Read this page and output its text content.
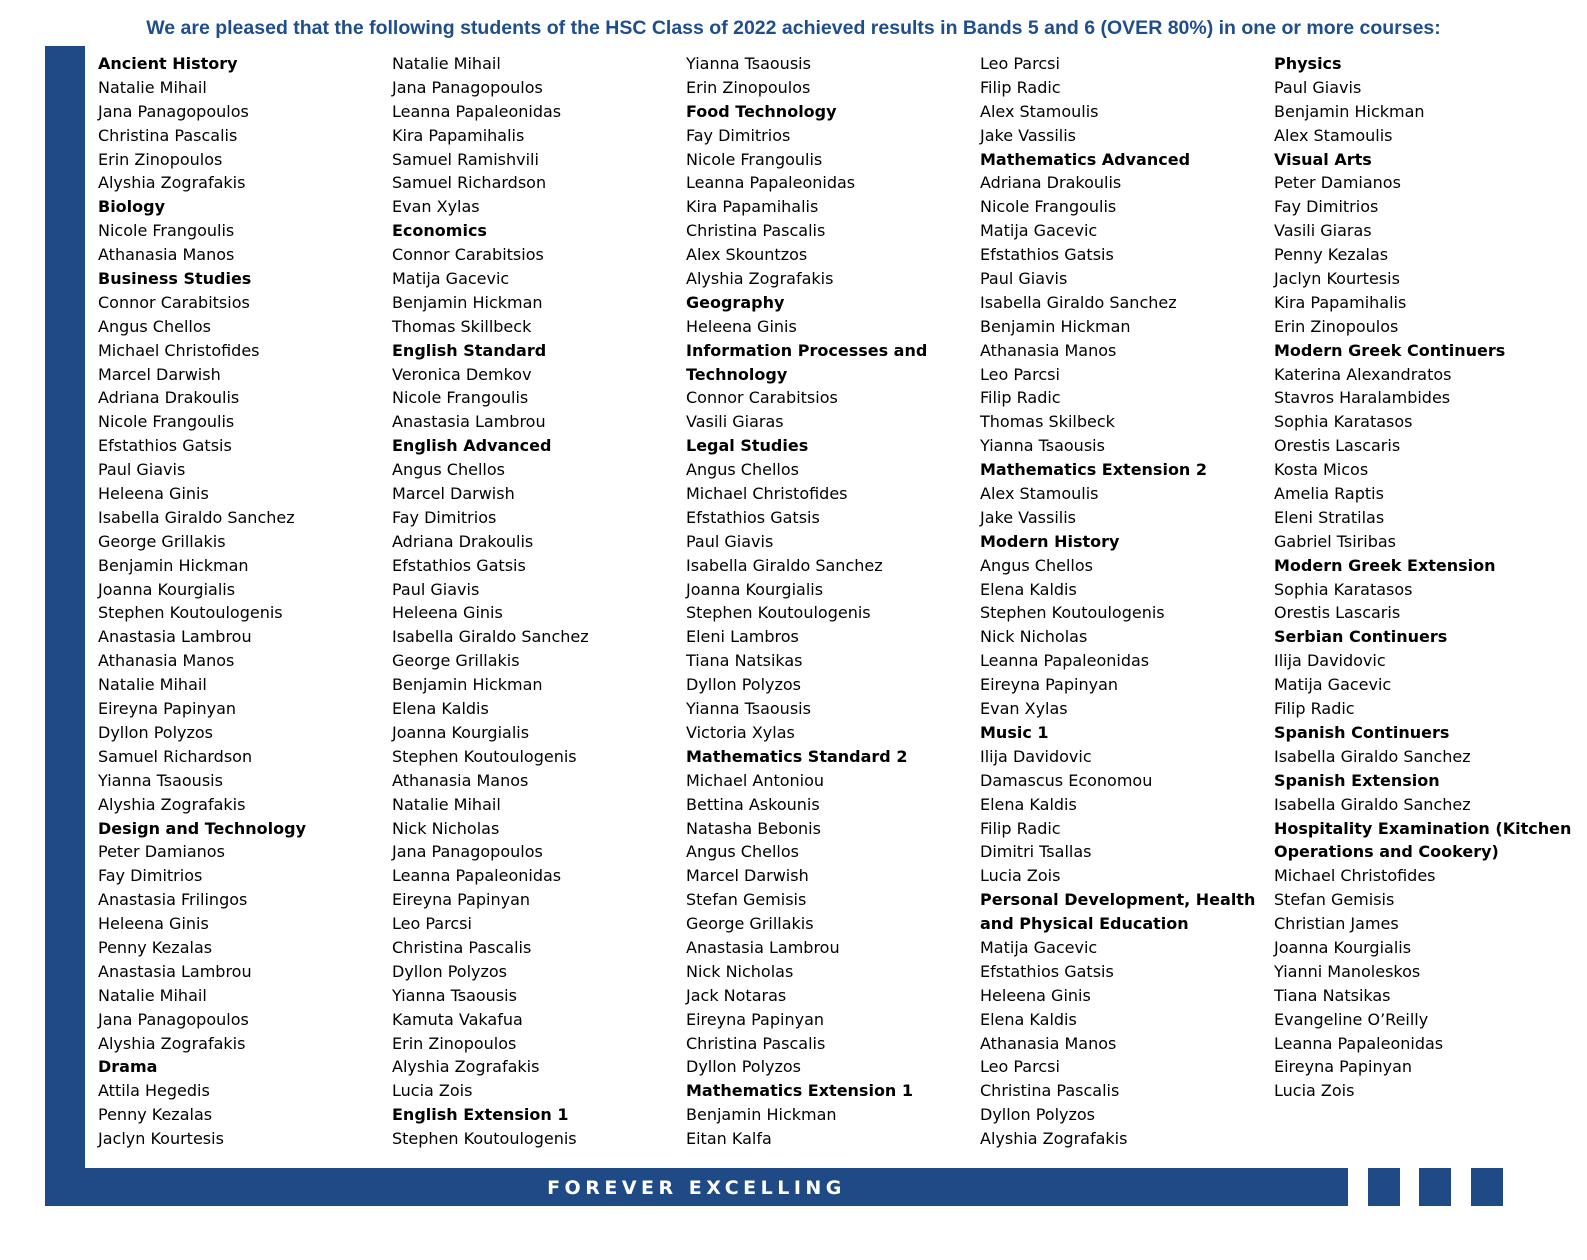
We are pleased that the following students of the HSC Class of 2022 achieved results in Bands 5 and 6 (OVER 80%) in one or more courses:
Ancient History
Natalie Mihail
Jana Panagopoulos
Christina Pascalis
Erin Zinopoulos
Alyshia Zografakis
Biology
Nicole Frangoulis
Athanasia Manos
Business Studies
Connor Carabitsios
Angus Chellos
Michael Christofides
Marcel Darwish
Adriana Drakoulis
Nicole Frangoulis
Efstathios Gatsis
Paul Giavis
Heleena Ginis
Isabella Giraldo Sanchez
George Grillakis
Benjamin Hickman
Joanna Kourgialis
Stephen Koutoulogenis
Anastasia Lambrou
Athanasia Manos
Natalie Mihail
Eireyna Papinyan
Dyllon Polyzos
Samuel Richardson
Yianna Tsaousis
Alyshia Zografakis
Design and Technology
Peter Damianos
Fay Dimitrios
Anastasia Frilingos
Heleena Ginis
Penny Kezalas
Anastasia Lambrou
Natalie Mihail
Jana Panagopoulos
Alyshia Zografakis
Drama
Attila Hegedis
Penny Kezalas
Jaclyn Kourtesis
Natalie Mihail
Jana Panagopoulos
Leanna Papaleonidas
Kira Papamihalis
Samuel Ramishvili
Samuel Richardson
Evan Xylas
Economics
Connor Carabitsios
Matija Gacevic
Benjamin Hickman
Thomas Skillbeck
English Standard
Veronica Demkov
Nicole Frangoulis
Anastasia Lambrou
English Advanced
Angus Chellos
Marcel Darwish
Fay Dimitrios
Adriana Drakoulis
Efstathios Gatsis
Paul Giavis
Heleena Ginis
Isabella Giraldo Sanchez
George Grillakis
Benjamin Hickman
Elena Kaldis
Joanna Kourgialis
Stephen Koutoulogenis
Athanasia Manos
Natalie Mihail
Nick Nicholas
Jana Panagopoulos
Leanna Papaleonidas
Eireyna Papinyan
Leo Parcsi
Christina Pascalis
Dyllon Polyzos
Yianna Tsaousis
Kamuta Vakafua
Erin Zinopoulos
Alyshia Zografakis
Lucia Zois
English Extension 1
Stephen Koutoulogenis
Yianna Tsaousis
Erin Zinopoulos
Food Technology
Fay Dimitrios
Nicole Frangoulis
Leanna Papaleonidas
Kira Papamihalis
Christina Pascalis
Alex Skountzos
Alyshia Zografakis
Geography
Heleena Ginis
Information Processes and
Technology
Connor Carabitsios
Vasili Giaras
Legal Studies
Angus Chellos
Michael Christofides
Efstathios Gatsis
Paul Giavis
Isabella Giraldo Sanchez
Joanna Kourgialis
Stephen Koutoulogenis
Eleni Lambros
Tiana Natsikas
Dyllon Polyzos
Yianna Tsaousis
Victoria Xylas
Mathematics Standard 2
Michael Antoniou
Bettina Askounis
Natasha Bebonis
Angus Chellos
Marcel Darwish
Stefan Gemisis
George Grillakis
Anastasia Lambrou
Nick Nicholas
Jack Notaras
Eireyna Papinyan
Christina Pascalis
Dyllon Polyzos
Mathematics Extension 1
Benjamin Hickman
Eitan Kalfa
Leo Parcsi
Filip Radic
Alex Stamoulis
Jake Vassilis
Mathematics Advanced
Adriana Drakoulis
Nicole Frangoulis
Matija Gacevic
Efstathios Gatsis
Paul Giavis
Isabella Giraldo Sanchez
Benjamin Hickman
Athanasia Manos
Leo Parcsi
Filip Radic
Thomas Skilbeck
Yianna Tsaousis
Mathematics Extension 2
Alex Stamoulis
Jake Vassilis
Modern History
Angus Chellos
Elena Kaldis
Stephen Koutoulogenis
Nick Nicholas
Leanna Papaleonidas
Eireyna Papinyan
Evan Xylas
Music 1
Ilija Davidovic
Damascus Economou
Elena Kaldis
Filip Radic
Dimitri Tsallas
Lucia Zois
Personal Development, Health
and Physical Education
Matija Gacevic
Efstathios Gatsis
Heleena Ginis
Elena Kaldis
Athanasia Manos
Leo Parcsi
Christina Pascalis
Dyllon Polyzos
Alyshia Zografakis
Physics
Paul Giavis
Benjamin Hickman
Alex Stamoulis
Visual Arts
Peter Damianos
Fay Dimitrios
Vasili Giaras
Penny Kezalas
Jaclyn Kourtesis
Kira Papamihalis
Erin Zinopoulos
Modern Greek Continuers
Katerina Alexandratos
Stavros Haralambides
Sophia Karatasos
Orestis Lascaris
Kosta Micos
Amelia Raptis
Eleni Stratilas
Gabriel Tsiribas
Modern Greek Extension
Sophia Karatasos
Orestis Lascaris
Serbian Continuers
Ilija Davidovic
Matija Gacevic
Filip Radic
Spanish Continuers
Isabella Giraldo Sanchez
Spanish Extension
Isabella Giraldo Sanchez
Hospitality Examination (Kitchen
Operations and Cookery)
Michael Christofides
Stefan Gemisis
Christian James
Joanna Kourgialis
Yianni Manoleskos
Tiana Natsikas
Evangeline O’Reilly
Leanna Papaleonidas
Eireyna Papinyan
Lucia Zois
FOREVER EXCELLING
